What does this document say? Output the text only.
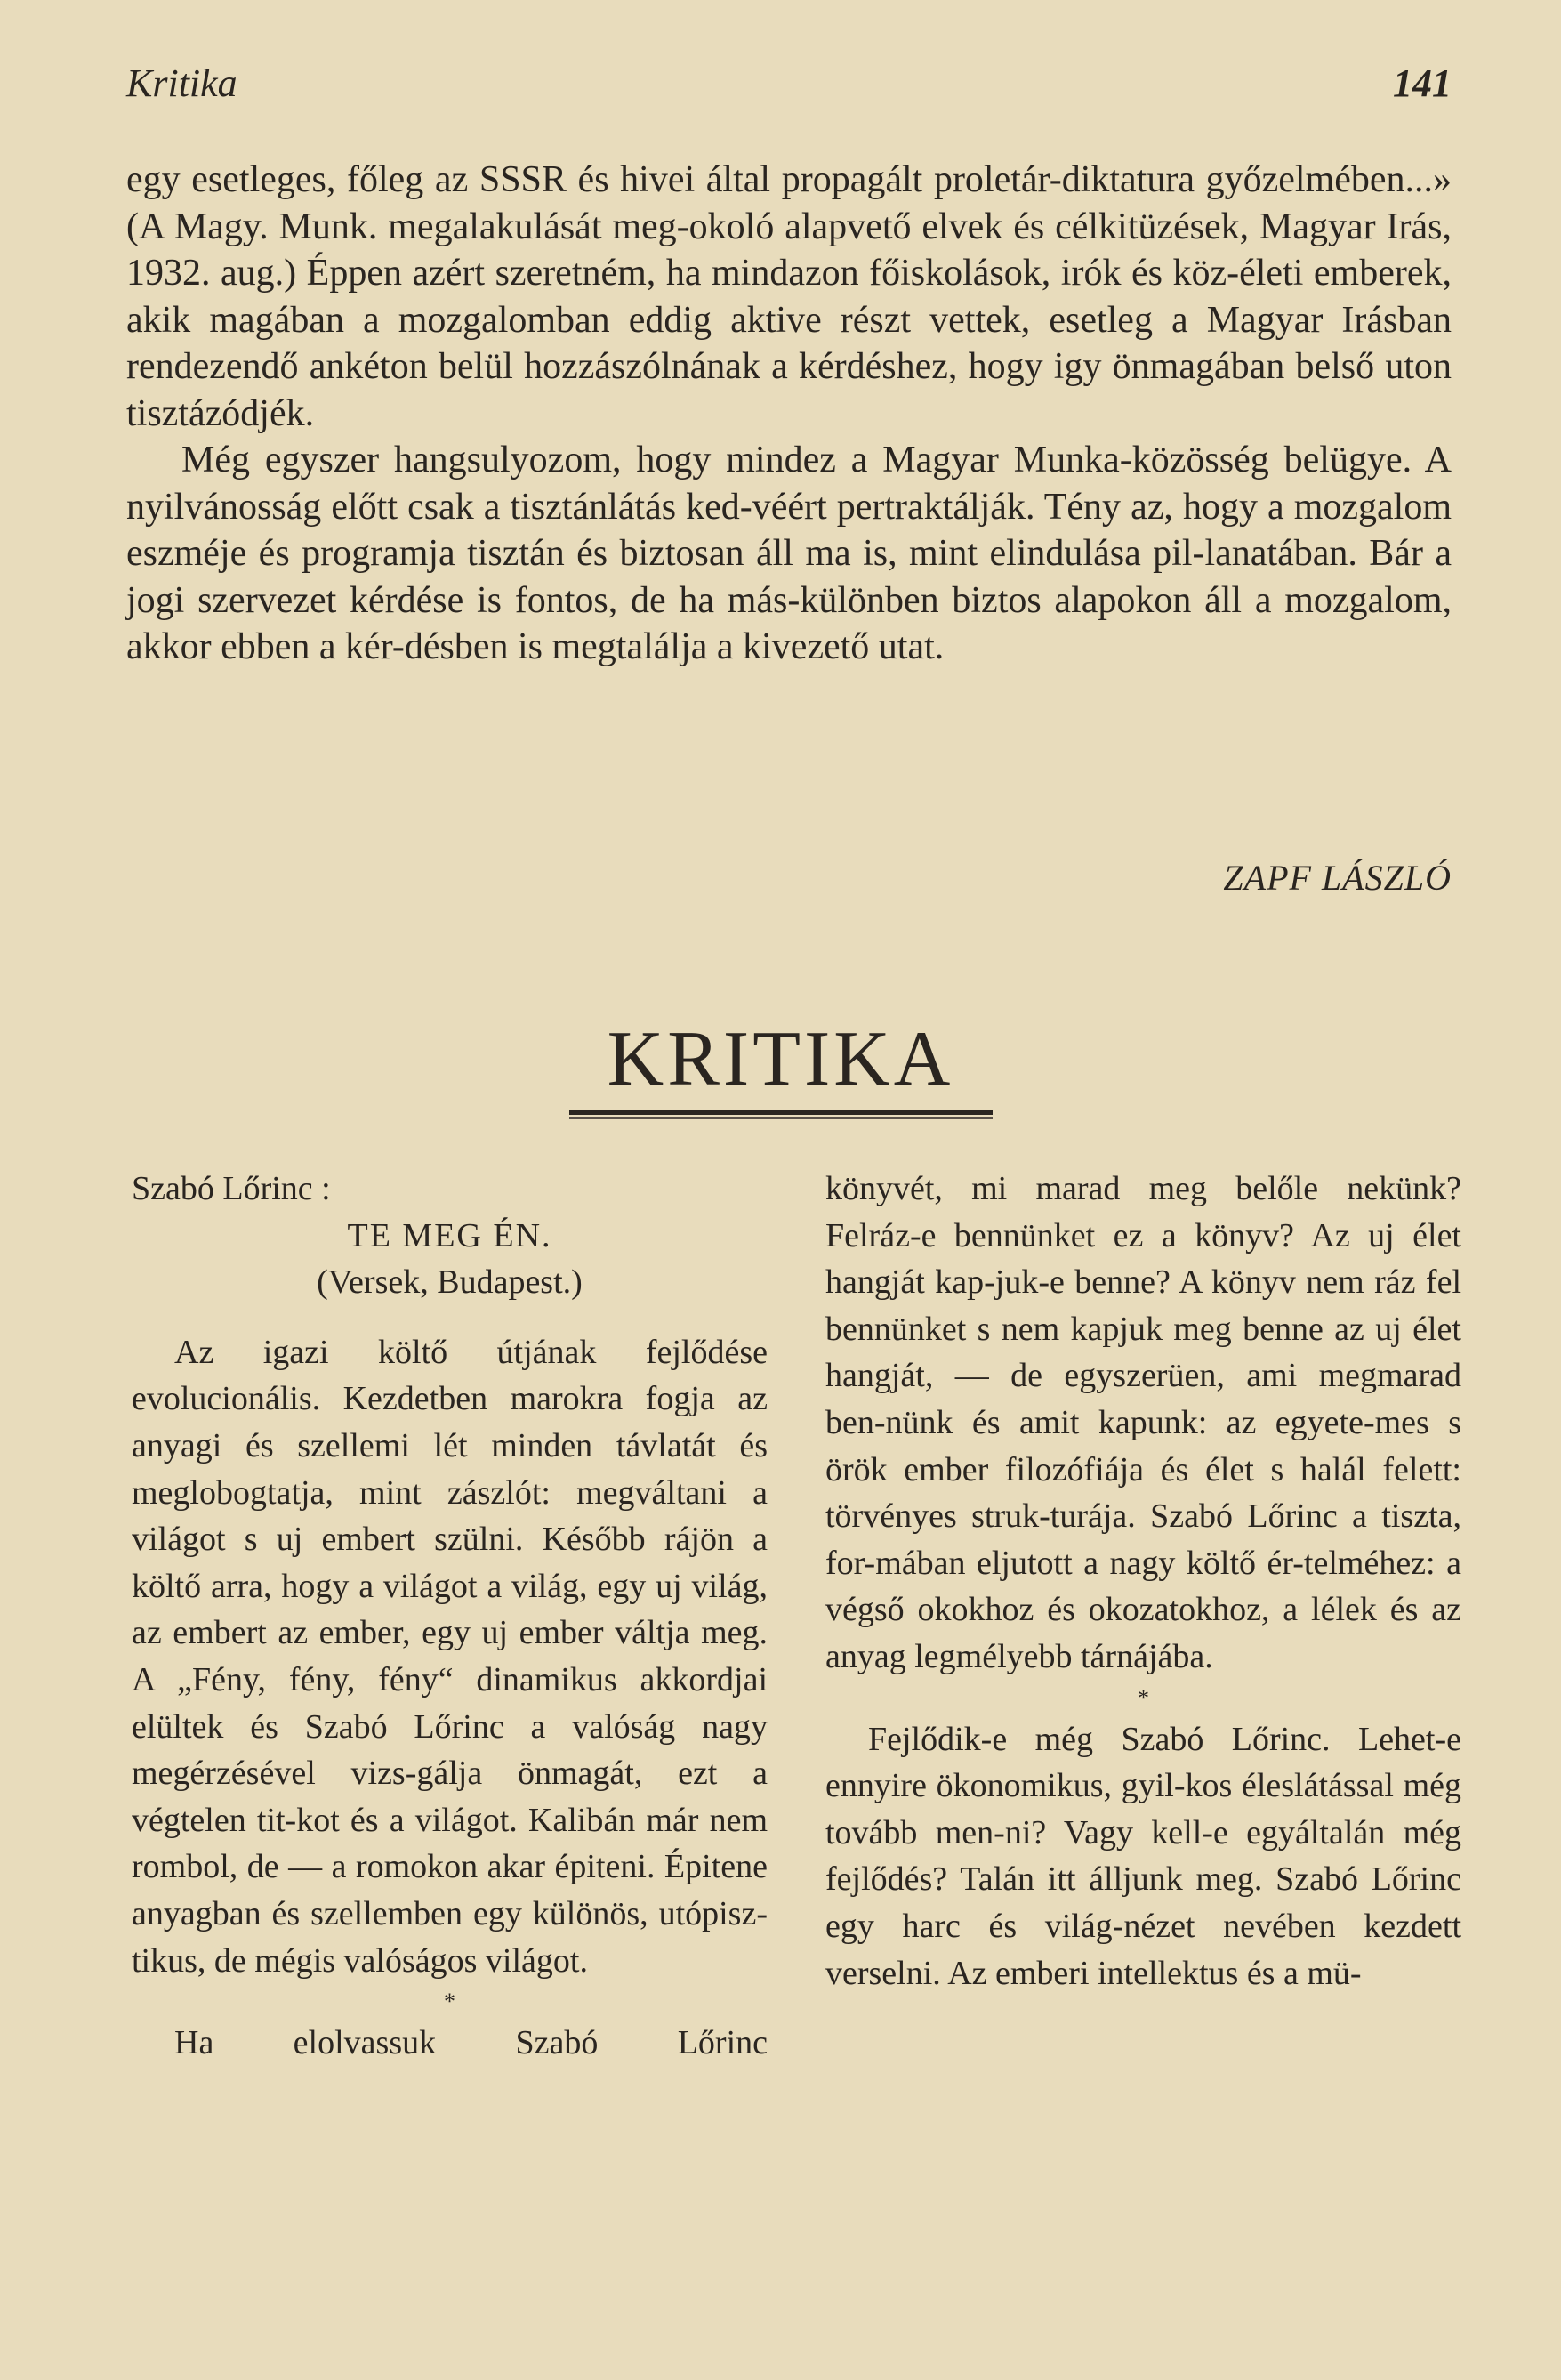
Kritika	141

egy esetleges, főleg az SSSR és hivei által propagált proletár-diktatura győzelmében...» (A Magy. Munk. megalakulását meg-okoló alapvető elvek és célkitüzések, Magyar Irás, 1932. aug.) Éppen azért szeretném, ha mindazon főiskolások, irók és köz-életi emberek, akik magában a mozgalomban eddig aktive részt vettek, esetleg a Magyar Irásban rendezendő ankéton belül hozzászólnának a kérdéshez, hogy igy önmagában belső uton tisztázódjék.

Még egyszer hangsulyozom, hogy mindez a Magyar Munka-közösség belügye. A nyilvánosság előtt csak a tisztánlátás ked-véért pertraktálják. Tény az, hogy a mozgalom eszméje és programja tisztán és biztosan áll ma is, mint elindulása pil-lanatában. Bár a jogi szervezet kérdése is fontos, de ha más-különben biztos alapokon áll a mozgalom, akkor ebben a kér-désben is megtalálja a kivezető utat.

ZAPF LÁSZLÓ
KRITIKA

Szabó Lőrinc :

TE MEG ÉN.

(Versek, Budapest.)

Az igazi költő útjának fejlődése evolucionális. Kezdetben marokra fogja az anyagi és szellemi lét minden távlatát és meglobogtatja, mint zászlót: megváltani a világot s uj embert szülni. Később rájön a költő arra, hogy a világot a világ, egy uj világ, az embert az ember, egy uj ember váltja meg. A „Fény, fény, fény“ dinamikus akkordjai elültek és Szabó Lőrinc a valóság nagy megérzésével vizs-gálja önmagát, ezt a végtelen tit-kot és a világot. Kalibán már nem rombol, de — a romokon akar épiteni. Épitene anyagban és szellemben egy különös, utópisz-tikus, de mégis valóságos világot.

*

Ha elolvassuk Szabó Lőrinc

könyvét, mi marad meg belőle nekünk? Felráz-e bennünket ez a könyv? Az uj élet hangját kap-juk-e benne? A könyv nem ráz fel bennünket s nem kapjuk meg benne az uj élet hangját, — de egyszerüen, ami megmarad ben-nünk és amit kapunk: az egyete-mes s örök ember filozófiája és élet s halál felett: törvényes struk-turája. Szabó Lőrinc a tiszta, for-mában eljutott a nagy költő ér-telméhez: a végső okokhoz és okozatokhoz, a lélek és az anyag legmélyebb tárnájába.

*

Fejlődik-e még Szabó Lőrinc. Lehet-e ennyire ökonomikus, gyil-kos éleslátással még tovább men-ni? Vagy kell-e egyáltalán még fejlődés? Talán itt álljunk meg. Szabó Lőrinc egy harc és világ-nézet nevében kezdett verselni. Az emberi intellektus és a mü-
